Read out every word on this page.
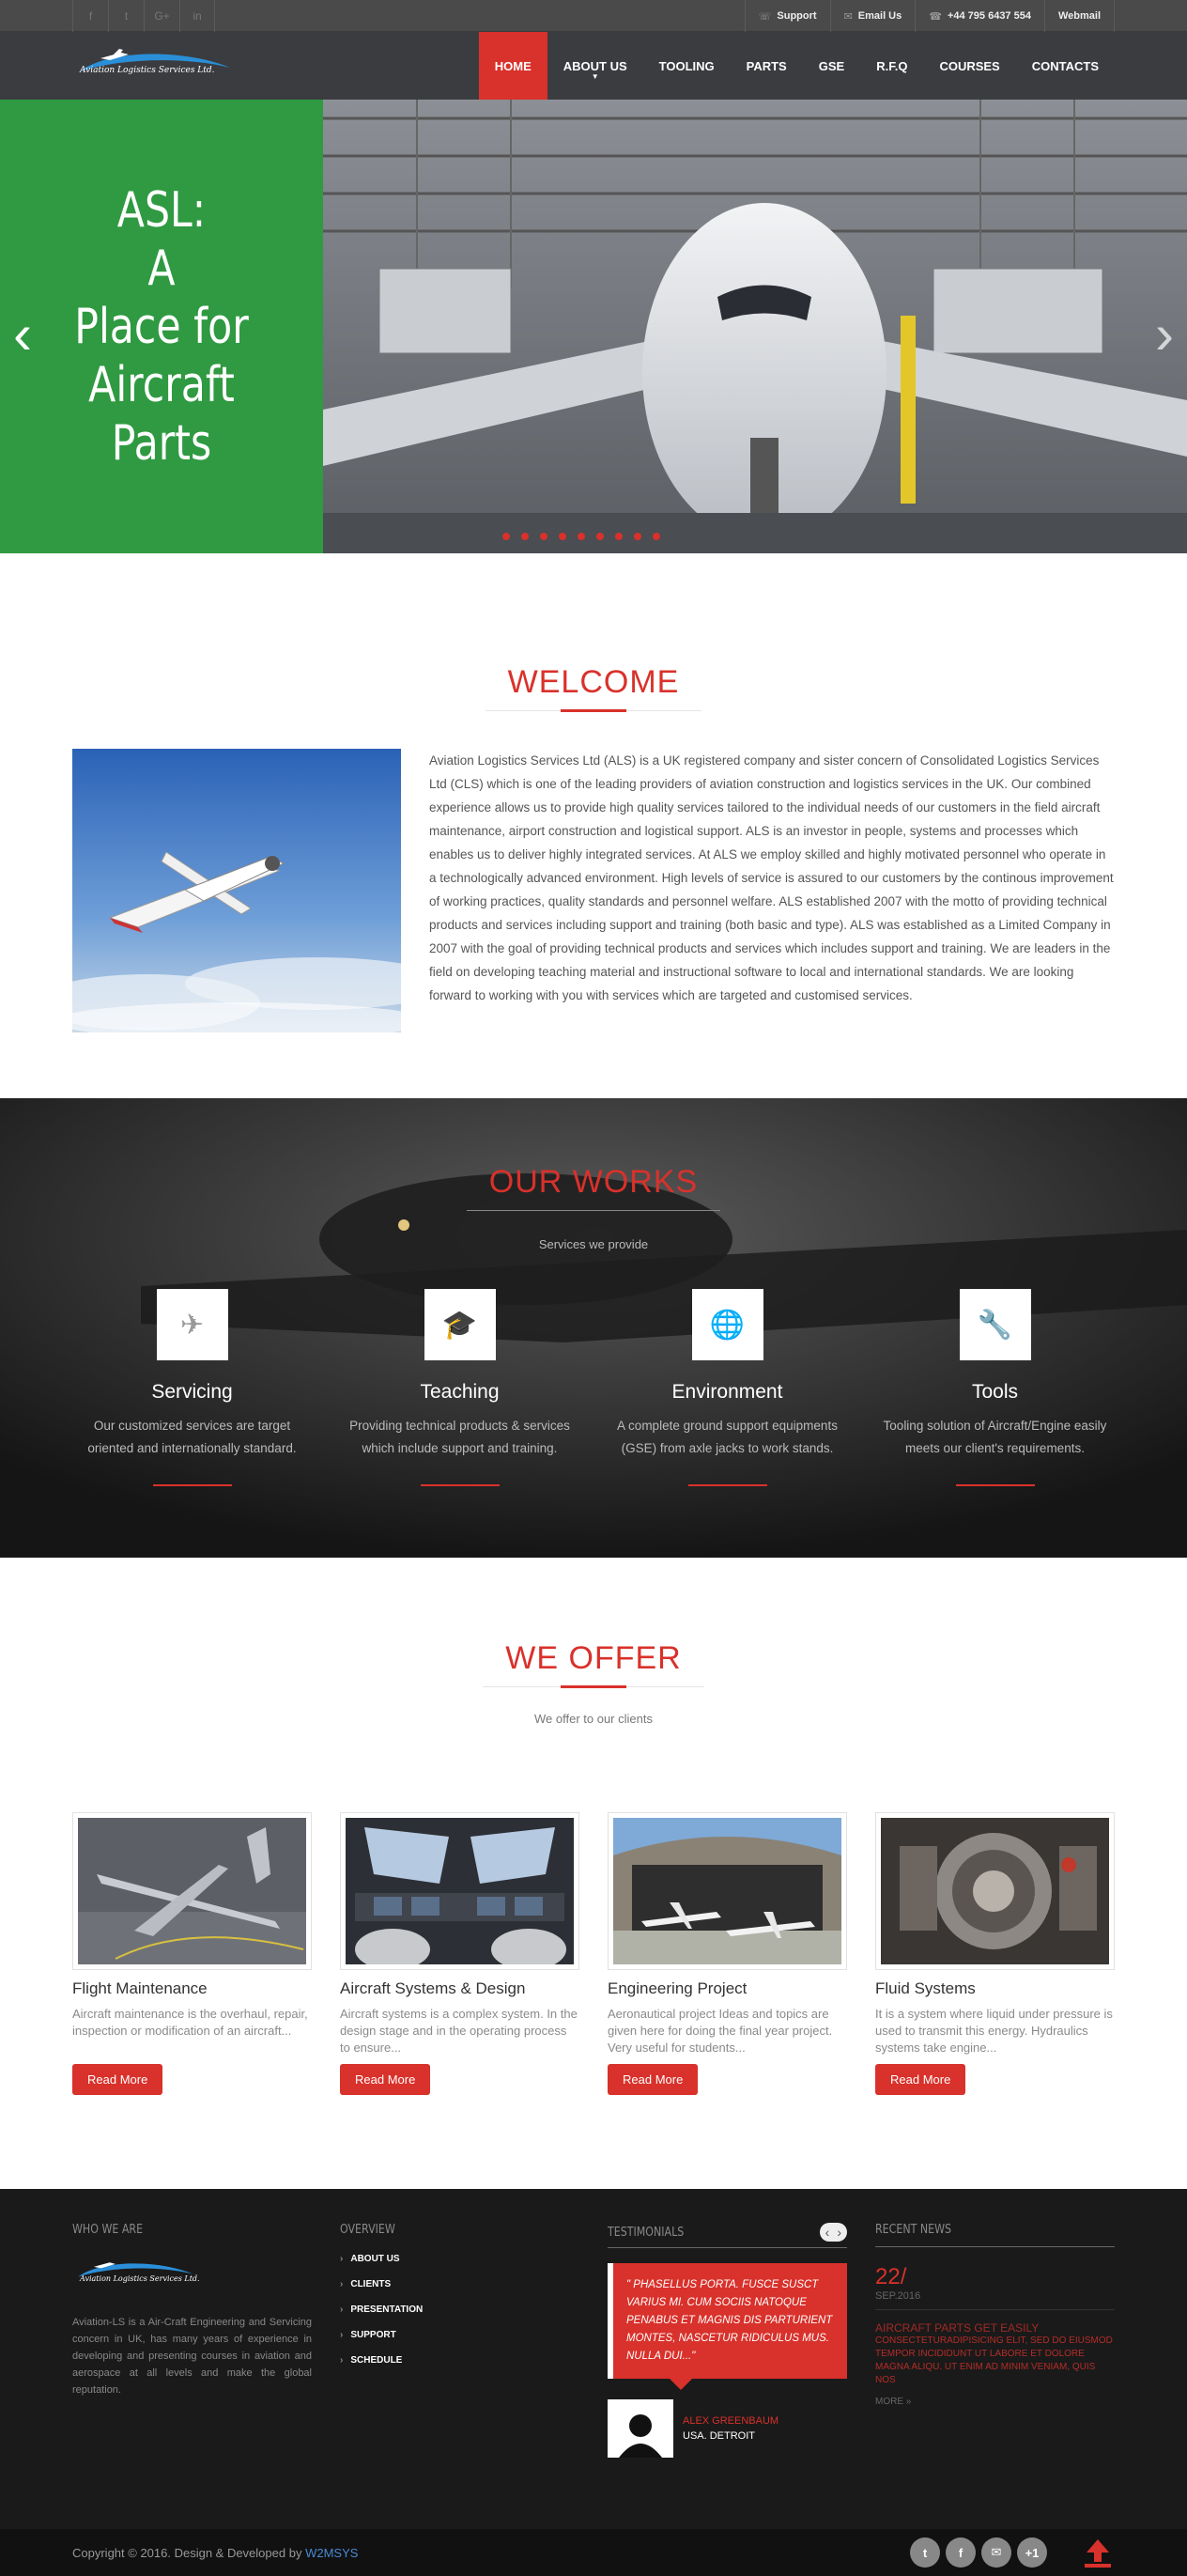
f	t	G+	in	☏ Support	✉ Email Us	☎ +44 795 6437 554	Webmail
Aviation Logistics Services Ltd.	HOME	ABOUT US
▼
TOOLING	PARTS	GSE	R.F.Q	COURSES	CONTACTS
ASL:
A
Place for
Aircraft
Parts
‹	›
WELCOME

Aviation Logistics Services Ltd (ALS) is a UK registered company and sister concern of Consolidated Logistics Services Ltd (CLS) which is one of the leading providers of aviation construction and logistics services in the UK. Our combined experience allows us to provide high quality services tailored to the individual needs of our customers in the field aircraft maintenance, airport construction and logistical support. ALS is an investor in people, systems and processes which enables us to deliver highly integrated services. At ALS we employ skilled and highly motivated personnel who operate in a technologically advanced environment. High levels of service is assured to our customers by the continous improvement of working practices, quality standards and personnel welfare. ALS established 2007 with the motto of providing technical products and services including support and training (both basic and type). ALS was established as a Limited Company in 2007 with the goal of providing technical products and services which includes support and training. We are leaders in the field on developing teaching material and instructional software to local and international standards. We are looking forward to working with you with services which are targeted and customised services.

OUR WORKS

Services we provide

✈
Servicing

Our customized services are target oriented and internationally standard.

🎓
Teaching

Providing technical products & services which include support and training.

🌐
Environment

A complete ground support equipments (GSE) from axle jacks to work stands.

🔧
Tools

Tooling solution of Aircraft/Engine easily meets our client's requirements.

WE OFFER

We offer to our clients

Flight Maintenance

Aircraft maintenance is the overhaul, repair, inspection or modification of an aircraft...

Read More
Aircraft Systems & Design

Aircraft systems is a complex system. In the design stage and in the operating process to ensure...

Read More
Engineering Project

Aeronautical project Ideas and topics are given here for doing the final year project. Very useful for students...

Read More
Fluid Systems

It is a system where liquid under pressure is used to transmit this energy. Hydraulics systems take engine...

Read More
WHO WE ARE
Aviation Logistics Services Ltd.

Aviation-LS is a Air-Craft Engineering and Servicing concern in UK, has many years of experience in developing and presenting courses in aviation and aerospace at all levels and make the global reputation.

OVERVIEW
› ABOUT US
› CLIENTS
› PRESENTATION
› SUPPORT
› SCHEDULE
TESTIMONIALS	‹ ›
" PHASELLUS PORTA. FUSCE SUSCT VARIUS MI. CUM SOCIIS NATOQUE PENABUS ET MAGNIS DIS PARTURIENT MONTES, NASCETUR RIDICULUS MUS. NULLA DUI..."
ALEX GREENBAUM
USA. DETROIT
RECENT NEWS
22/
SEP.2016
AIRCRAFT PARTS GET EASILY
CONSECTETURADIPISICING ELIT, SED DO EIUSMOD TEMPOR INCIDIDUNT UT LABORE ET DOLORE MAGNA ALIQU. UT ENIM AD MINIM VENIAM, QUIS NOS
MORE »
Copyright © 2016. Design & Developed by W2MSYS	t	f	✉	+1
